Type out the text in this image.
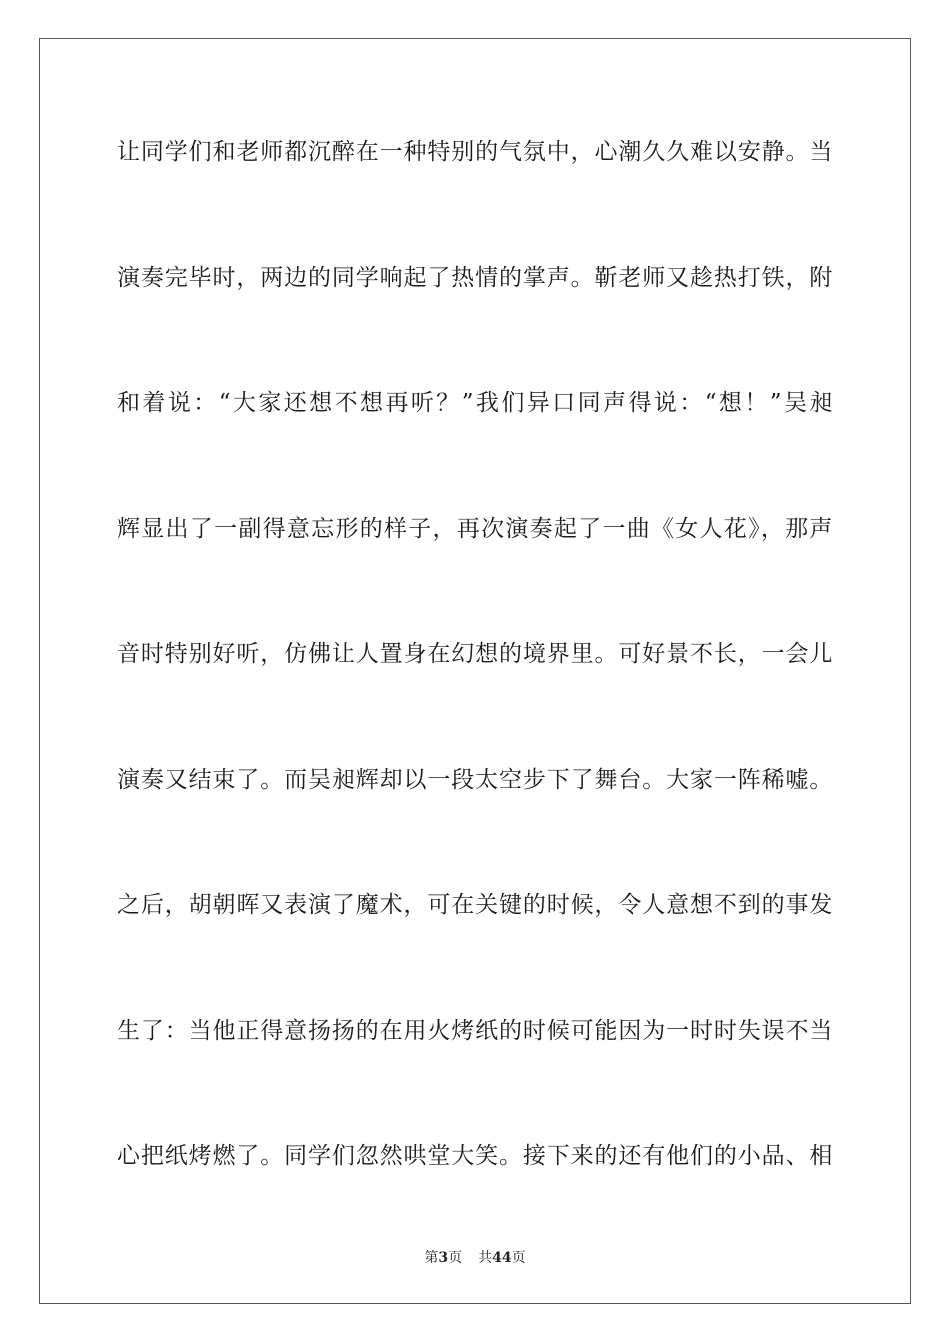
让同学们和老师都沉醉在一种特别的气氛中，心潮久久难以安静。当
演奏完毕时，两边的同学响起了热情的掌声。靳老师又趁热打铁，附
和着说：“大家还想不想再听？”我们异口同声得说：“想！”吴昶
辉显出了一副得意忘形的样子，再次演奏起了一曲《女人花》，那声
音时特别好听，仿佛让人置身在幻想的境界里。可好景不长，一会儿
演奏又结束了。而吴昶辉却以一段太空步下了舞台。大家一阵稀嘘。
之后，胡朝晖又表演了魔术，可在关键的时候，令人意想不到的事发
生了：当他正得意扬扬的在用火烤纸的时候可能因为一时时失误不当
心把纸烤燃了。同学们忽然哄堂大笑。接下来的还有他们的小品、相
第3页 共44页
